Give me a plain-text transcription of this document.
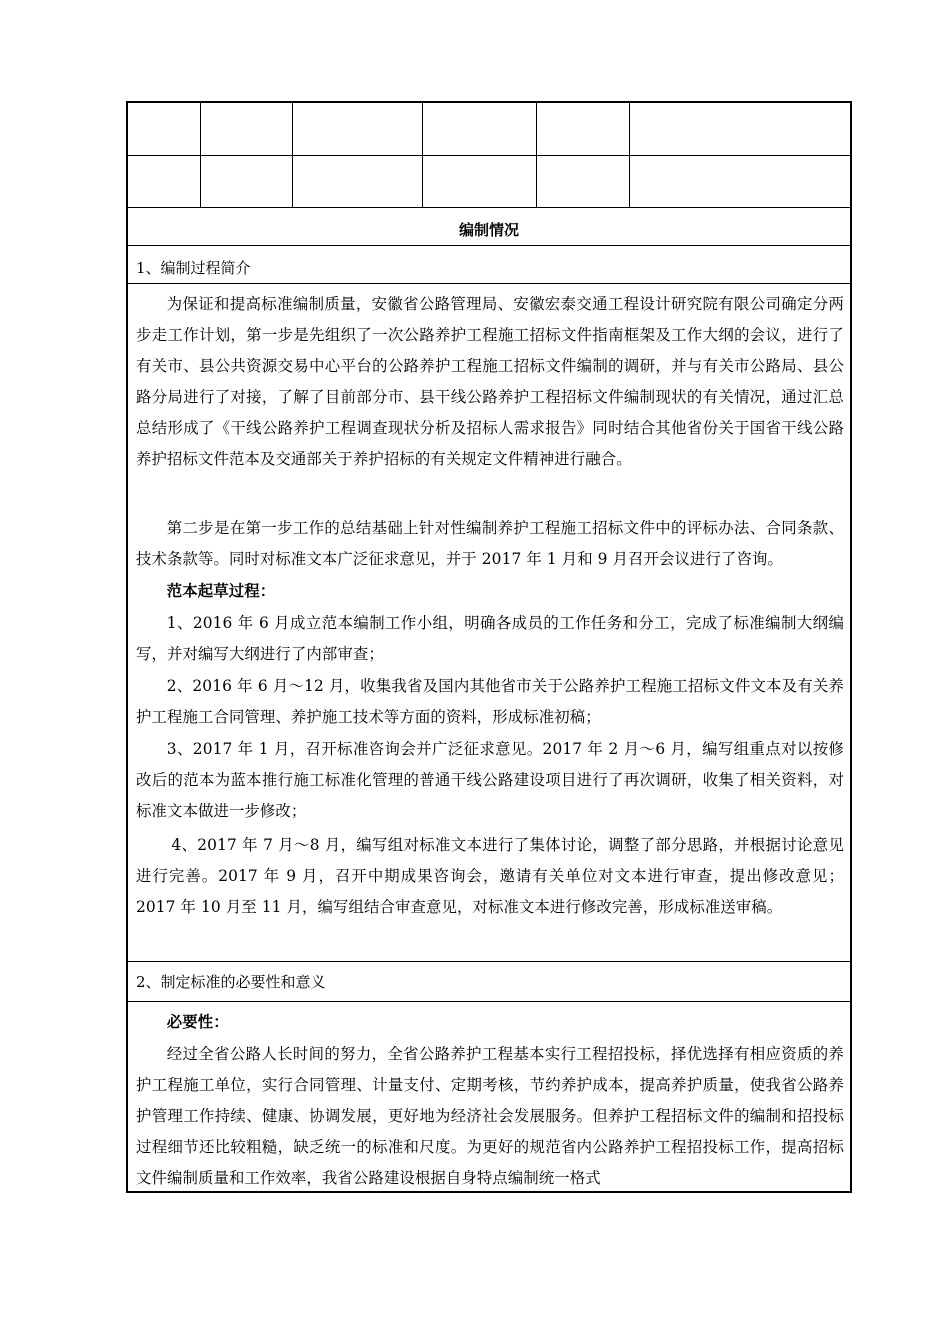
编制情况
1、编制过程简介
为保证和提高标准编制质量，安徽省公路管理局、安徽宏泰交通工程设计研究院有限公司确定分两步走工作计划，第一步是先组织了一次公路养护工程施工招标文件指南框架及工作大纲的会议，进行了有关市、县公共资源交易中心平台的公路养护工程施工招标文件编制的调研，并与有关市公路局、县公路分局进行了对接，了解了目前部分市、县干线公路养护工程招标文件编制现状的有关情况，通过汇总总结形成了《干线公路养护工程调查现状分析及招标人需求报告》同时结合其他省份关于国省干线公路养护招标文件范本及交通部关于养护招标的有关规定文件精神进行融合。
第二步是在第一步工作的总结基础上针对性编制养护工程施工招标文件中的评标办法、合同条款、技术条款等。同时对标准文本广泛征求意见，并于 2017 年 1 月和 9 月召开会议进行了咨询。
范本起草过程：
1、2016 年 6 月成立范本编制工作小组，明确各成员的工作任务和分工，完成了标准编制大纲编写，并对编写大纲进行了内部审查；
2、2016 年 6 月～12 月，收集我省及国内其他省市关于公路养护工程施工招标文件文本及有关养护工程施工合同管理、养护施工技术等方面的资料，形成标准初稿；
3、2017 年 1 月，召开标准咨询会并广泛征求意见。2017 年 2 月～6 月，编写组重点对以按修改后的范本为蓝本推行施工标准化管理的普通干线公路建设项目进行了再次调研，收集了相关资料，对标准文本做进一步修改；
4、2017 年 7 月～8 月，编写组对标准文本进行了集体讨论，调整了部分思路，并根据讨论意见进行完善。2017 年 9 月，召开中期成果咨询会，邀请有关单位对文本进行审查，提出修改意见；2017 年 10 月至 11 月，编写组结合审查意见，对标准文本进行修改完善，形成标准送审稿。
2、制定标准的必要性和意义
必要性：
经过全省公路人长时间的努力，全省公路养护工程基本实行工程招投标，择优选择有相应资质的养护工程施工单位，实行合同管理、计量支付、定期考核，节约养护成本，提高养护质量，使我省公路养护管理工作持续、健康、协调发展，更好地为经济社会发展服务。但养护工程招标文件的编制和招投标过程细节还比较粗糙，缺乏统一的标准和尺度。为更好的规范省内公路养护工程招投标工作，提高招标文件编制质量和工作效率，我省公路建设根据自身特点编制统一格式
